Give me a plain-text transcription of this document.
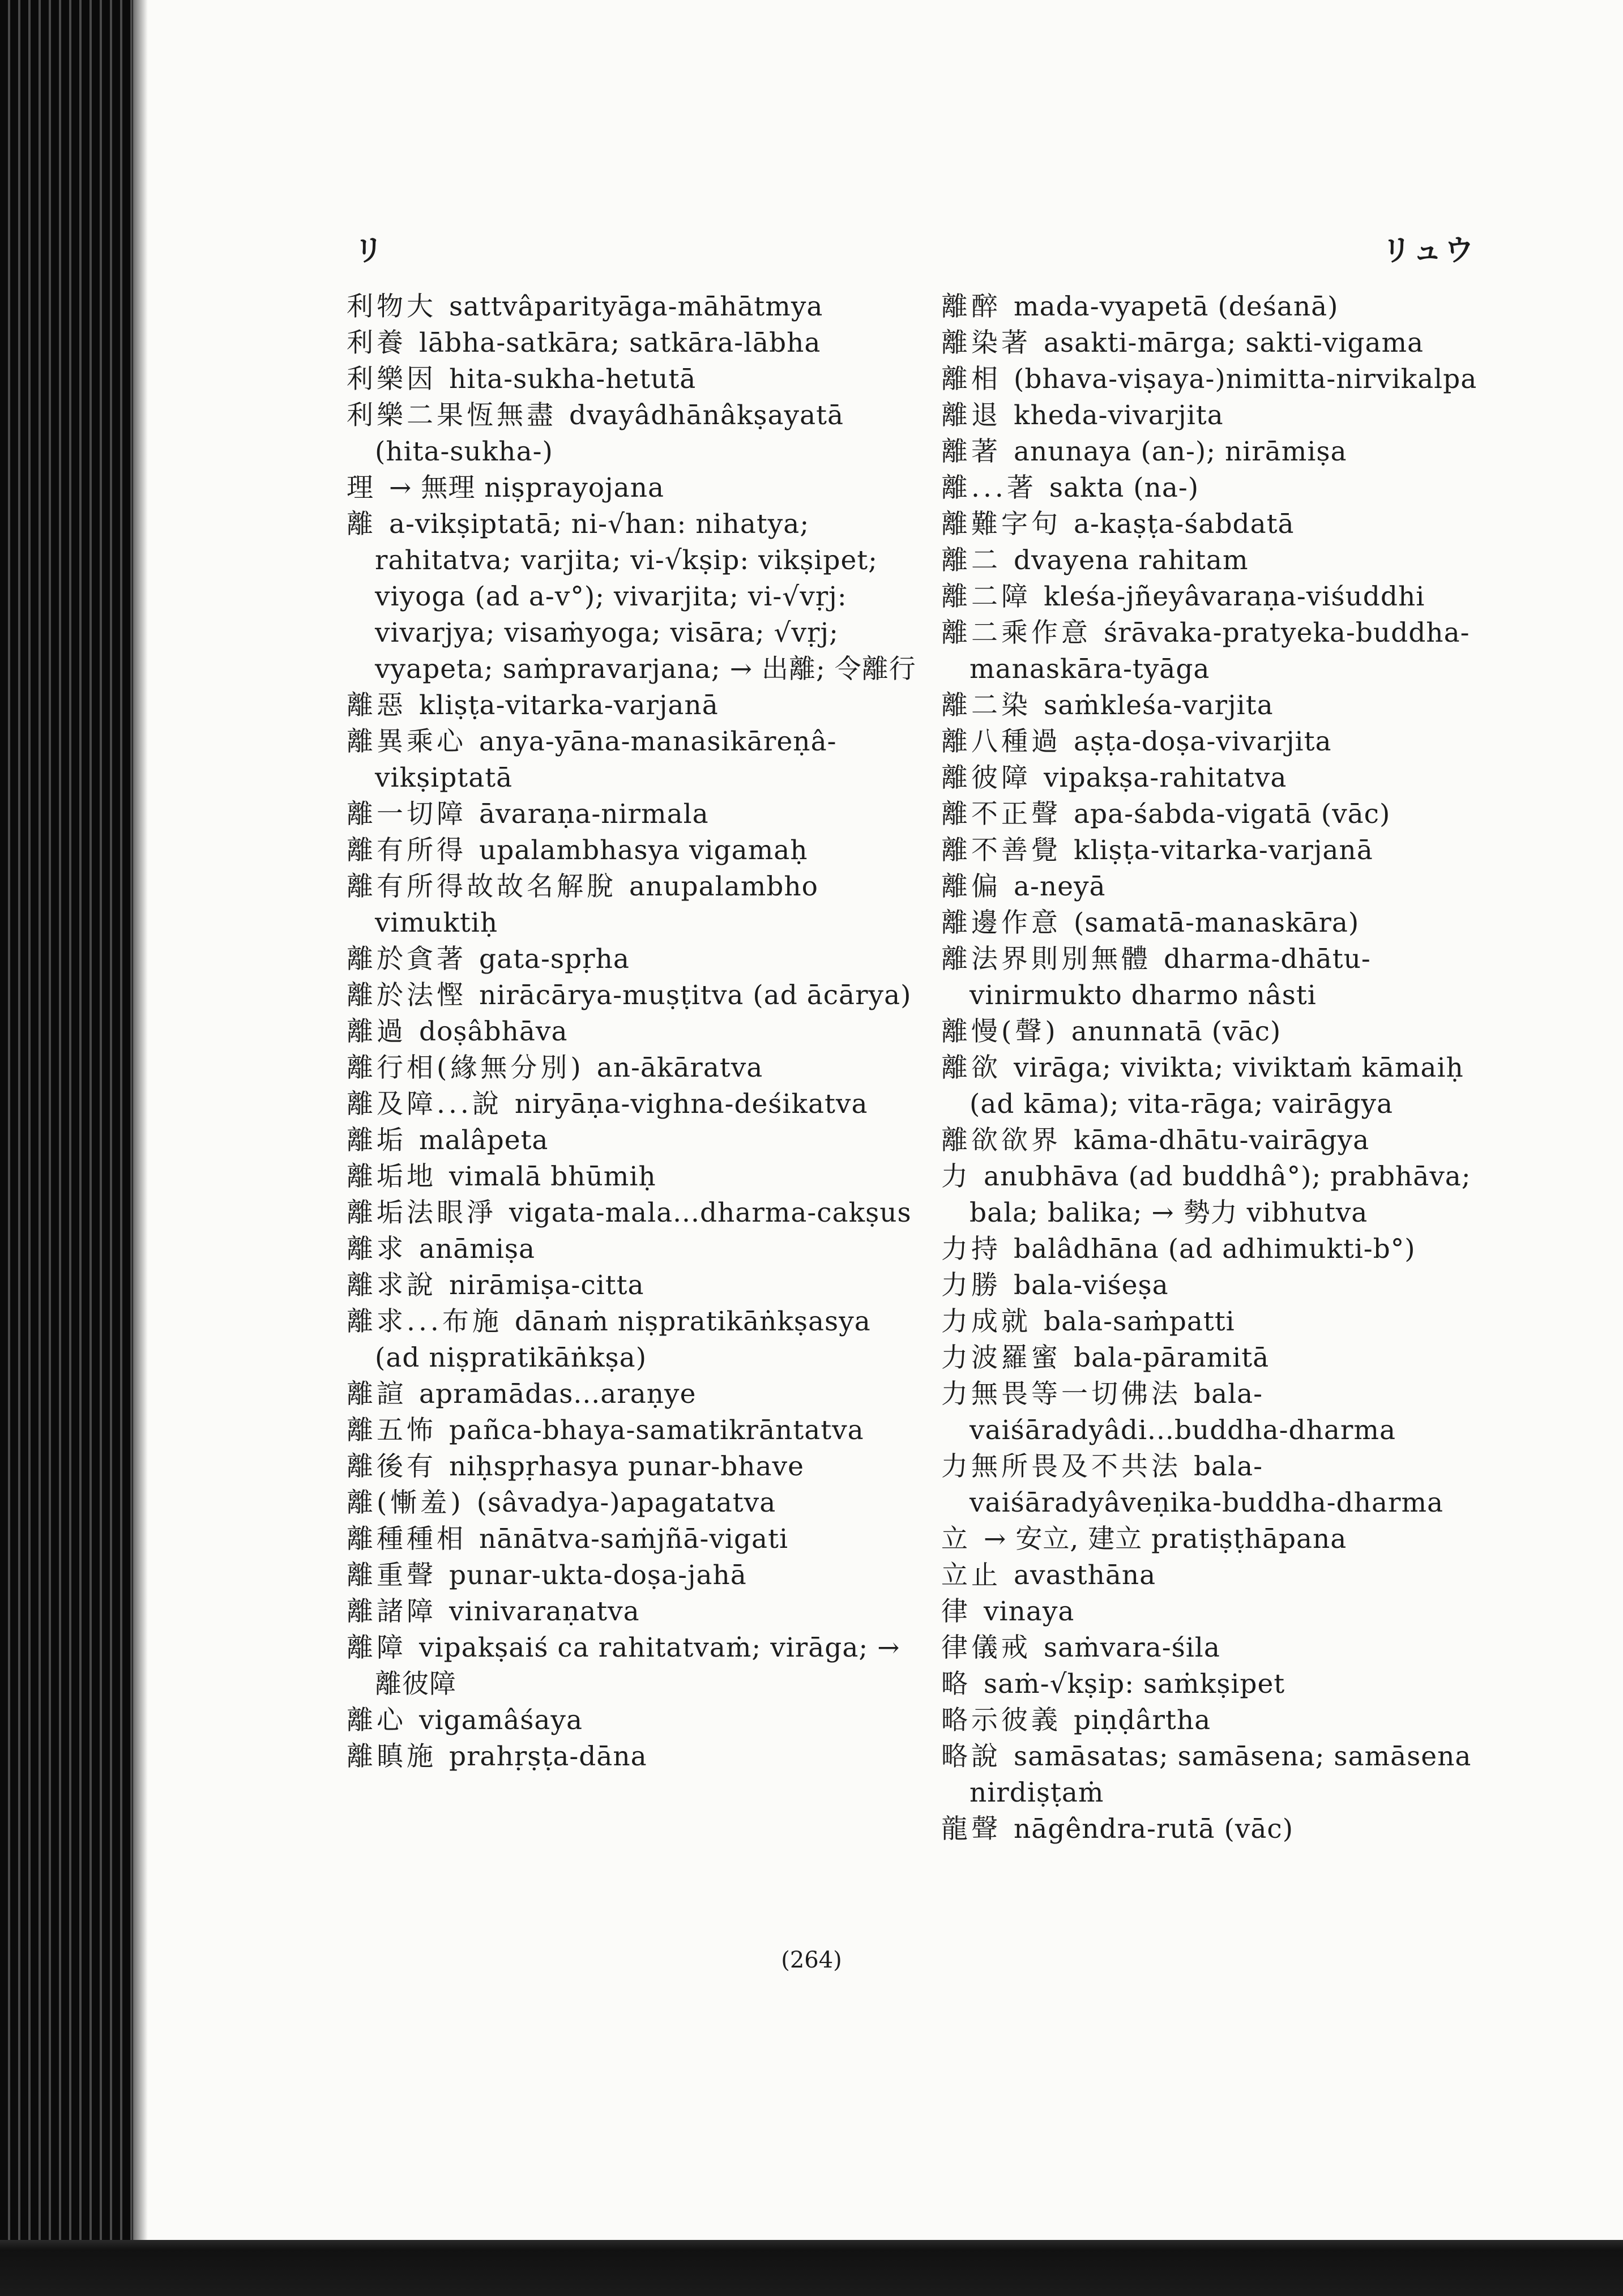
リ	リュウ

利物大 sattvâparityāga-māhātmya

利養 lābha-satkāra; satkāra-lābha

利樂因 hita-sukha-hetutā

利樂二果恆無盡 dvayâdhānâkṣayatā (hita-sukha-)

理 → 無理 niṣprayojana

離 a-vikṣiptatā; ni-√han: nihatya; rahitatva; varjita; vi-√kṣip: vikṣipet; viyoga (ad a-v°); vivarjita; vi-√vṛj: vivarjya; visaṁyoga; visāra; √vṛj; vyapeta; saṁpravarjana; → 出離; 令離行

離惡 kliṣṭa-vitarka-varjanā

離異乘心 anya-yāna-manasikāreṇâ-vikṣiptatā

離一切障 āvaraṇa-nirmala

離有所得 upalambhasya vigamaḥ

離有所得故故名解脫 anupalambho vimuktiḥ

離於貪著 gata-spṛha

離於法慳 nirācārya-muṣṭitva (ad ācārya)

離過 doṣâbhāva

離行相(緣無分別) an-ākāratva

離及障...說 niryāṇa-vighna-deśikatva

離垢 malâpeta

離垢地 vimalā bhūmiḥ

離垢法眼淨 vigata-mala...dharma-cakṣus

離求 anāmiṣa

離求說 nirāmiṣa-citta

離求...布施 dānaṁ niṣpratikāṅkṣasya (ad niṣpratikāṅkṣa)

離諠 apramādas...araṇye

離五怖 pañca-bhaya-samatikrāntatva

離後有 niḥspṛhasya punar-bhave

離(慚羞) (sâvadya-)apagatatva

離種種相 nānātva-saṁjñā-vigati

離重聲 punar-ukta-doṣa-jahā

離諸障 vinivaraṇatva

離障 vipakṣaiś ca rahitatvaṁ; virāga; → 離彼障

離心 vigamâśaya

離瞋施 prahṛṣṭa-dāna

離醉 mada-vyapetā (deśanā)

離染著 asakti-mārga; sakti-vigama

離相 (bhava-viṣaya-)nimitta-nirvikalpa

離退 kheda-vivarjita

離著 anunaya (an-); nirāmiṣa

離...著 sakta (na-)

離難字句 a-kaṣṭa-śabdatā

離二 dvayena rahitam

離二障 kleśa-jñeyâvaraṇa-viśuddhi

離二乘作意 śrāvaka-pratyeka-buddha-manaskāra-tyāga

離二染 saṁkleśa-varjita

離八種過 aṣṭa-doṣa-vivarjita

離彼障 vipakṣa-rahitatva

離不正聲 apa-śabda-vigatā (vāc)

離不善覺 kliṣṭa-vitarka-varjanā

離偏 a-neyā

離邊作意 (samatā-manaskāra)

離法界則別無體 dharma-dhātu-vinirmukto dharmo nâsti

離慢(聲) anunnatā (vāc)

離欲 virāga; vivikta; viviktaṁ kāmaiḥ (ad kāma); vita-rāga; vairāgya

離欲欲界 kāma-dhātu-vairāgya

力 anubhāva (ad buddhâ°); prabhāva; bala; balika; → 勢力 vibhutva

力持 balâdhāna (ad adhimukti-b°)

力勝 bala-viśeṣa

力成就 bala-saṁpatti

力波羅蜜 bala-pāramitā

力無畏等一切佛法 bala-vaiśāradyâdi...buddha-dharma

力無所畏及不共法 bala-vaiśāradyâveṇika-buddha-dharma

立 → 安立, 建立 pratiṣṭhāpana

立止 avasthāna

律 vinaya

律儀戒 saṁvara-śila

略 saṁ-√kṣip: saṁkṣipet

略示彼義 piṇḍârtha

略說 samāsatas; samāsena; samāsena nirdiṣṭaṁ

龍聲 nāgêndra-rutā (vāc)

(264)
